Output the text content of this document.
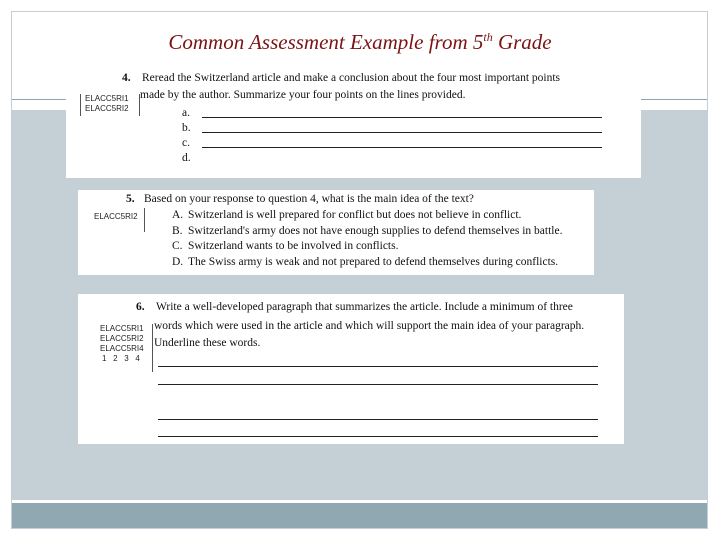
Common Assessment Example from 5th Grade
4. Reread the Switzerland article and make a conclusion about the four most important points
made by the author. Summarize your four points on the lines provided.
ELACC5RI1
ELACC5RI2	a.
b.
c.
d.
5. Based on your response to question 4, what is the main idea of the text?
ELACC5RI2	A. Switzerland is well prepared for conflict but does not believe in conflict.
B. Switzerland's army does not have enough supplies to defend themselves in battle.
C. Switzerland wants to be involved in conflicts.
D. The Swiss army is weak and not prepared to defend themselves during conflicts.
6. Write a well-developed paragraph that summarizes the article. Include a minimum of three
words which were used in the article and which will support the main idea of your paragraph.
Underline these words.
ELACC5RI1
ELACC5RI2
ELACC5RI4
1   2   3   4
